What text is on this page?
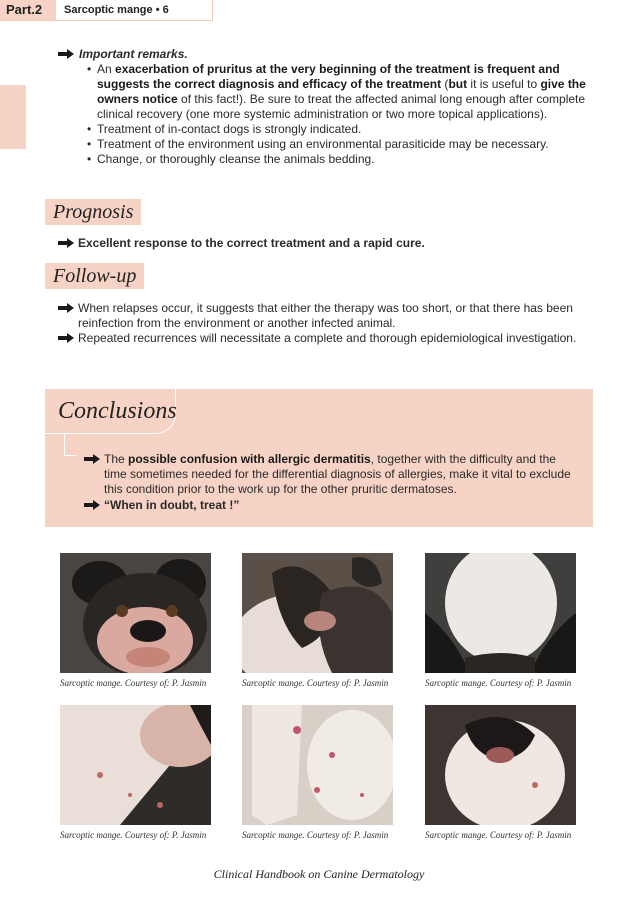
Part.2	Sarcoptic mange • 6
Important remarks.
• An exacerbation of pruritus at the very beginning of the treatment is frequent and suggests the correct diagnosis and efficacy of the treatment (but it is useful to give the owners notice of this fact!). Be sure to treat the affected animal long enough after complete clinical recovery (one more systemic administration or two more topical applications).
• Treatment of in-contact dogs is strongly indicated.
• Treatment of the environment using an environmental parasiticide may be necessary.
• Change, or thoroughly cleanse the animals bedding.
Prognosis
Excellent response to the correct treatment and a rapid cure.
Follow-up
When relapses occur, it suggests that either the therapy was too short, or that there has been reinfection from the environment or another infected animal.
Repeated recurrences will necessitate a complete and thorough epidemiological investigation.
Conclusions
The possible confusion with allergic dermatitis, together with the difficulty and the time sometimes needed for the differential diagnosis of allergies, make it vital to exclude this condition prior to the work up for the other pruritic dermatoses.
“When in doubt, treat !”
Sarcoptic mange. Courtesy of: P. Jasmin	Sarcoptic mange. Courtesy of: P. Jasmin	Sarcoptic mange. Courtesy of: P. Jasmin
Sarcoptic mange. Courtesy of: P. Jasmin	Sarcoptic mange. Courtesy of: P. Jasmin	Sarcoptic mange. Courtesy of: P. Jasmin
Clinical Handbook on Canine Dermatology
